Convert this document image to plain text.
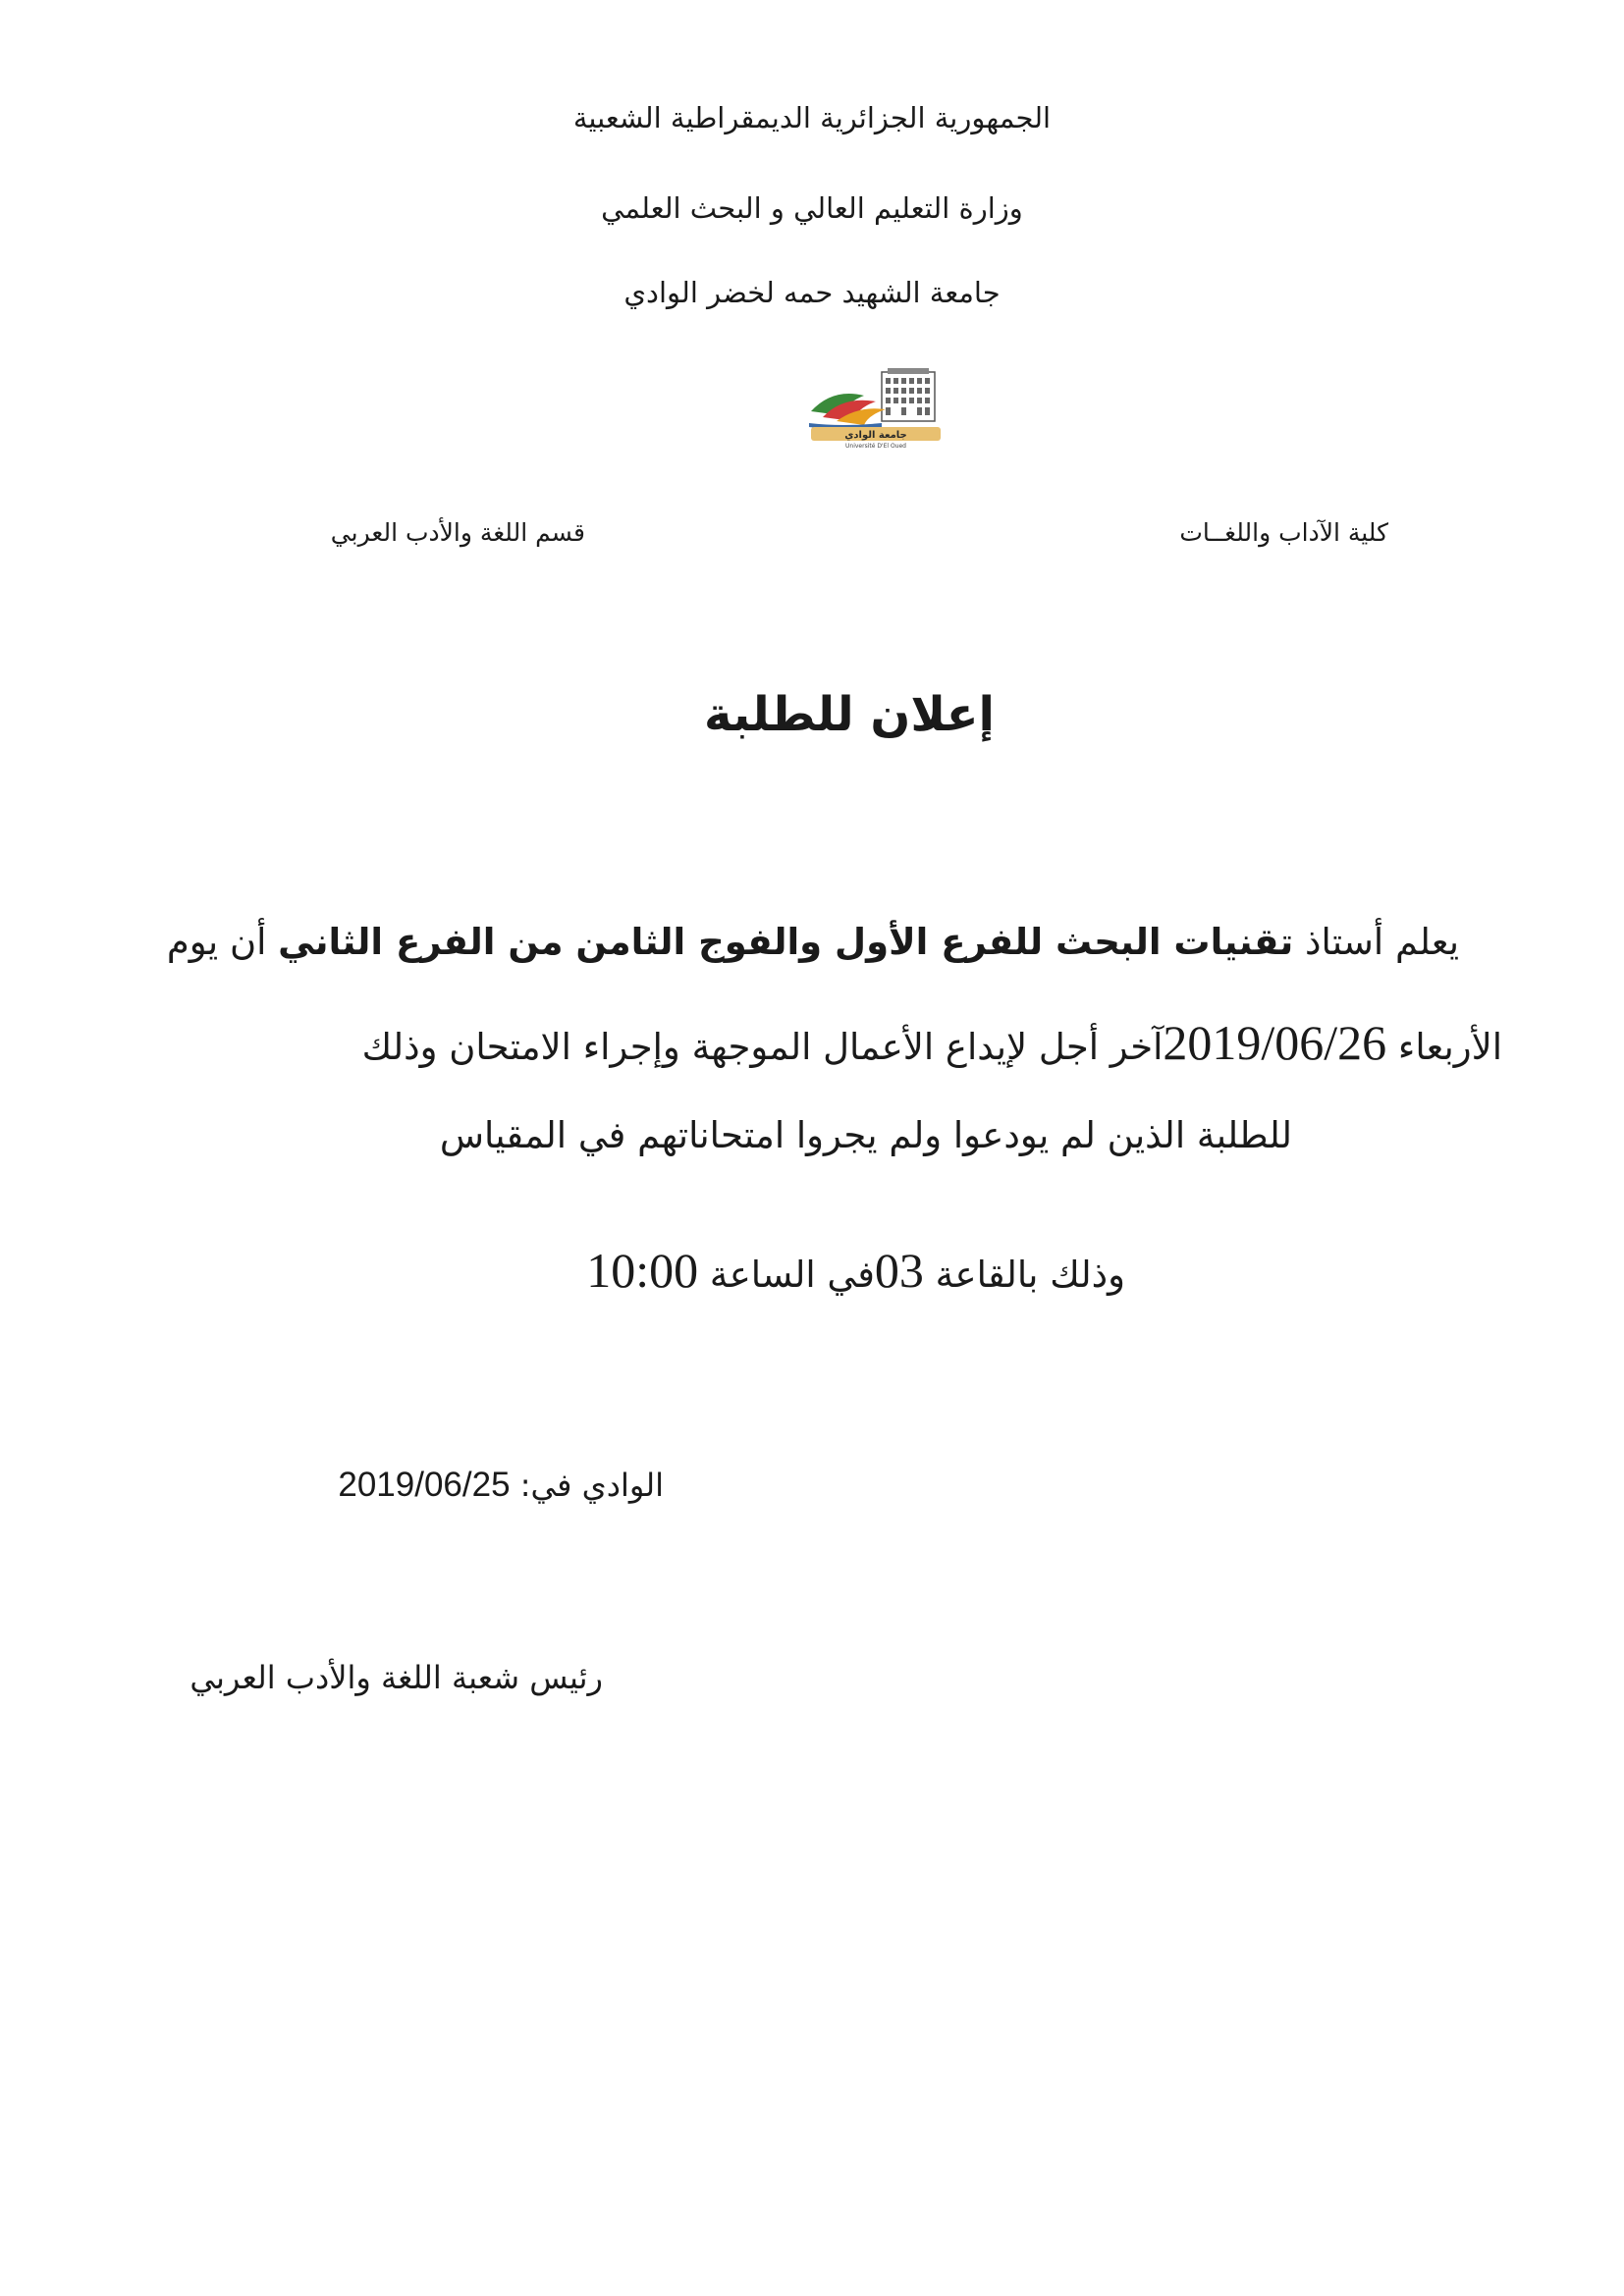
الجمهورية الجزائرية الديمقراطية الشعبية
وزارة التعليم العالي و البحث العلمي
جامعة الشهيد حمه لخضر الوادي
جامعة الوادي
Université D'El Oued
كلية الآداب واللغــات
قسم اللغة والأدب العربي
إعلان للطلبة
يعلم أستاذ تقنيات البحث للفرع الأول والفوج الثامن من الفرع الثاني أن يوم
الأربعاء 2019/06/26آخر أجل لإيداع الأعمال الموجهة وإجراء الامتحان وذلك
للطلبة الذين لم يودعوا ولم يجروا امتحاناتهم في المقياس
وذلك بالقاعة 03في الساعة 10:00
الوادي في: 2019/06/25
رئيس شعبة اللغة والأدب العربي
